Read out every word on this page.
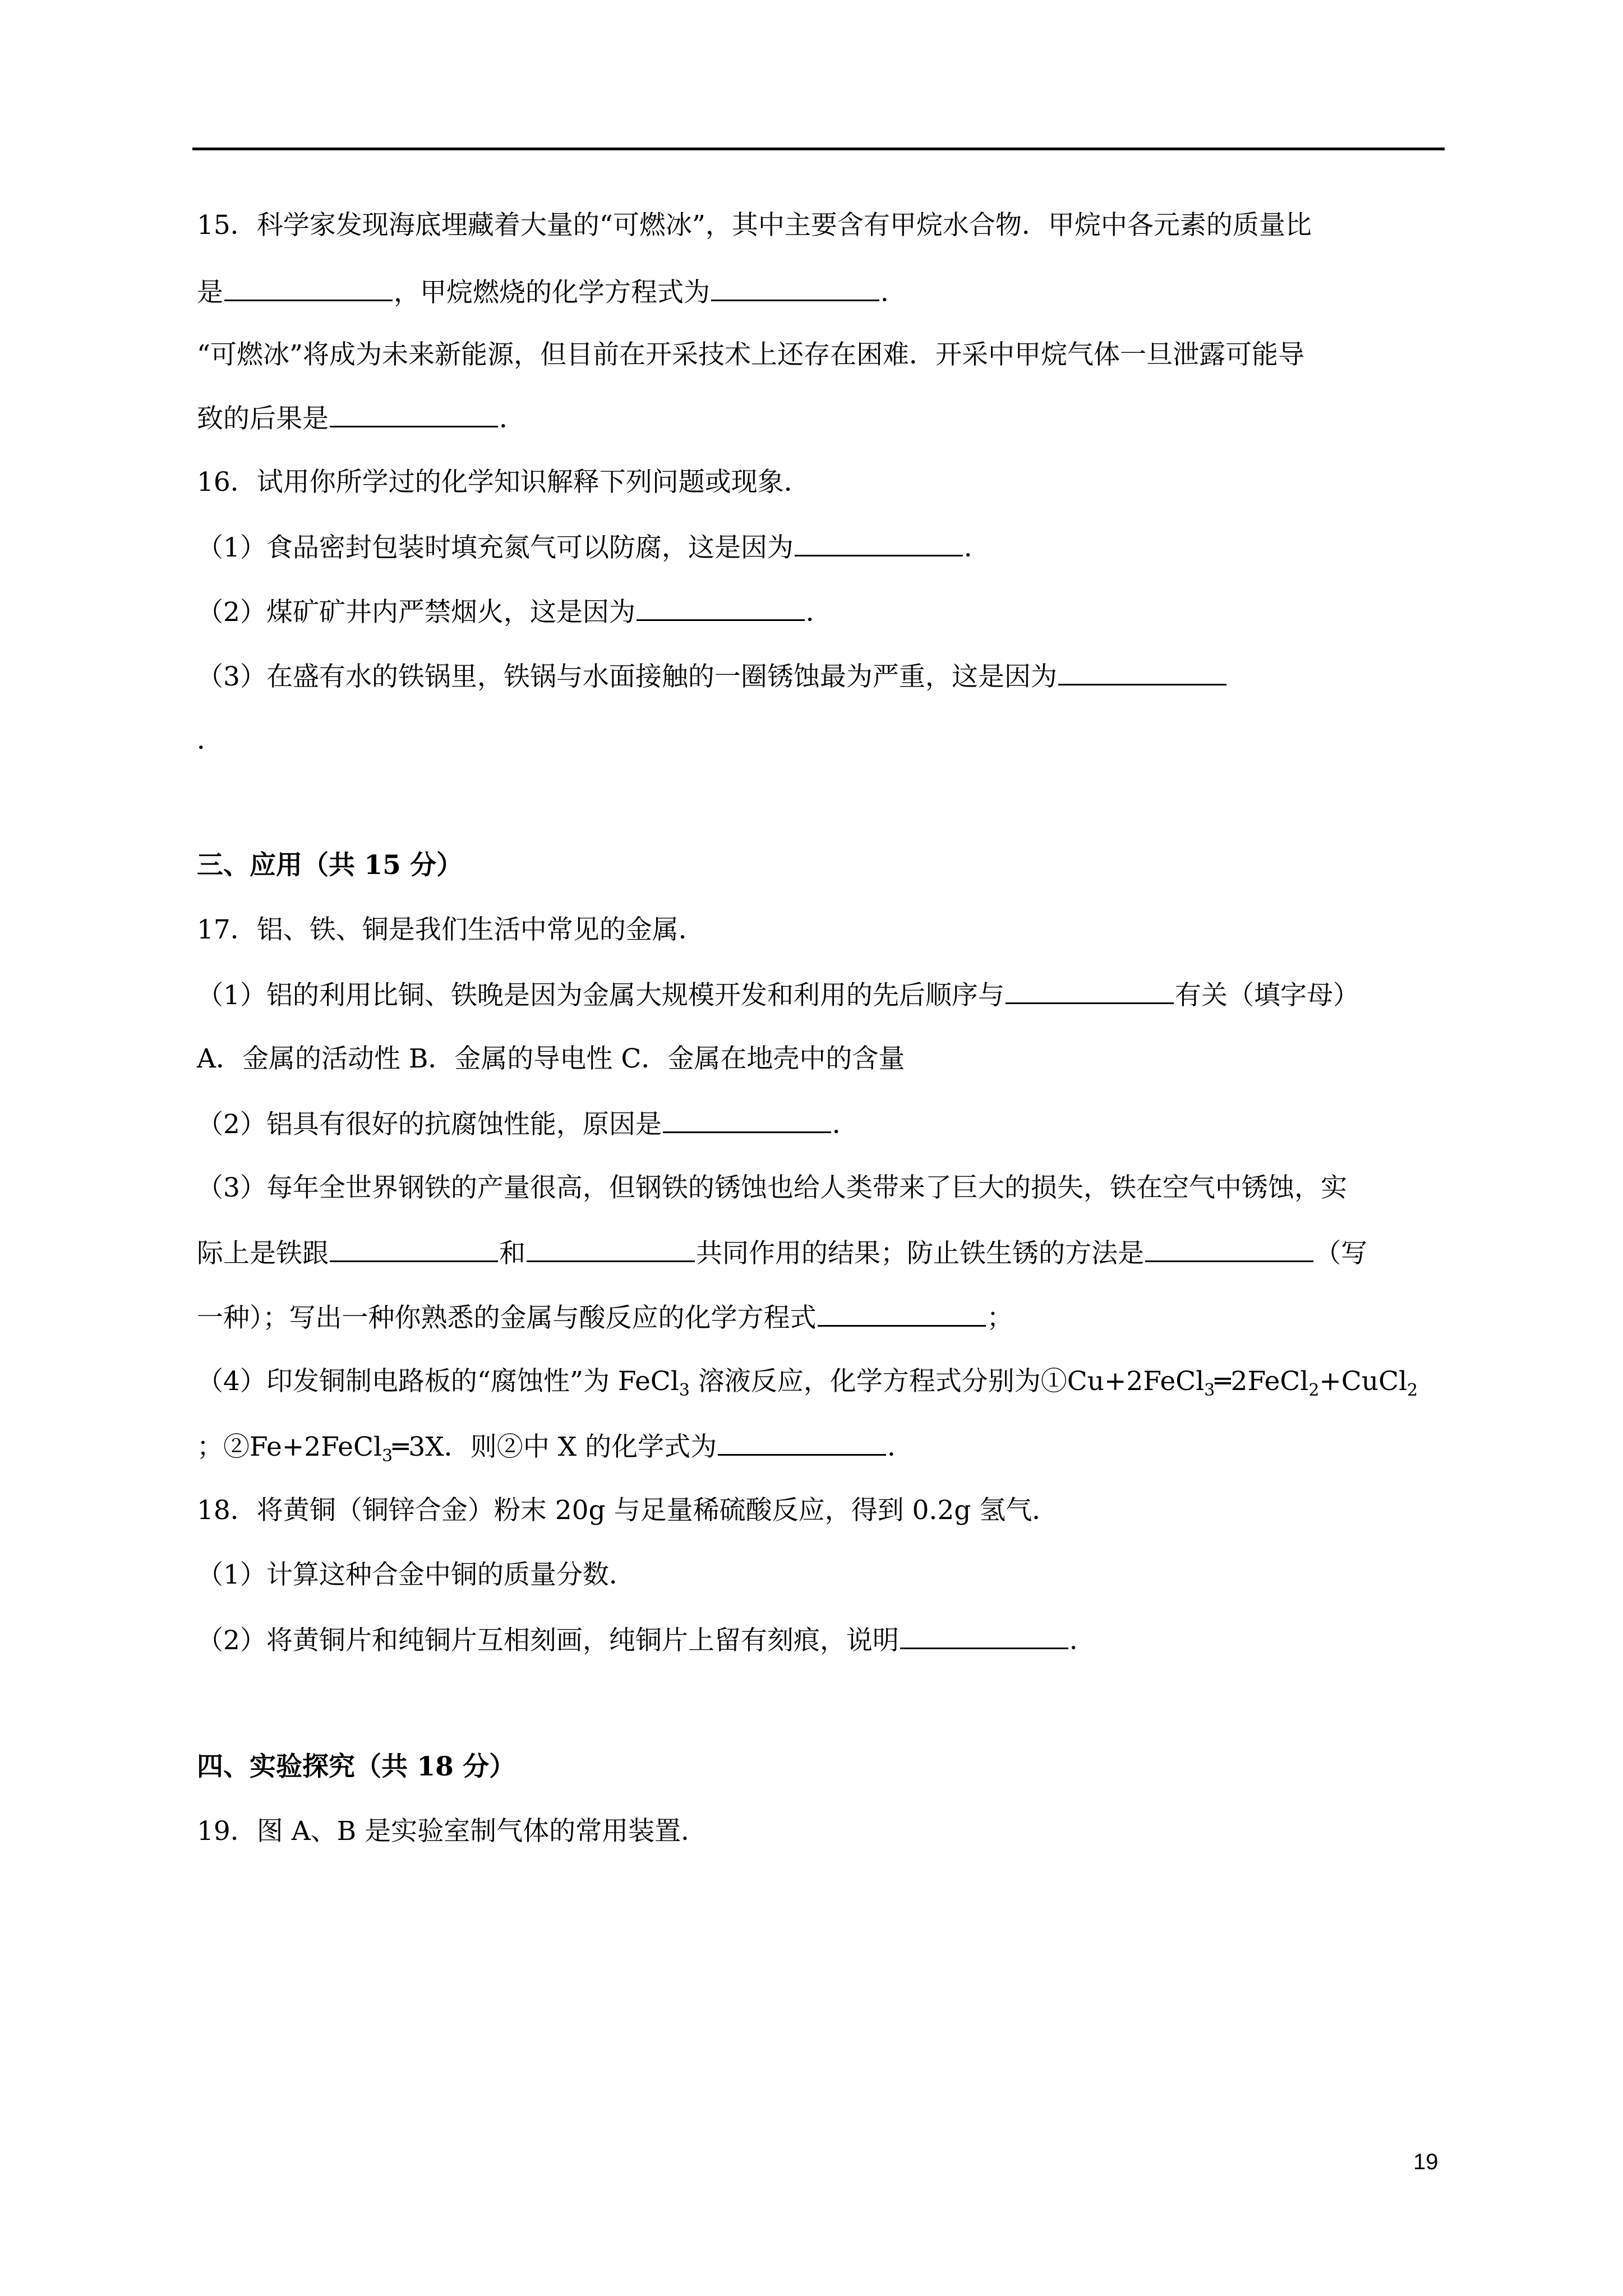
15．科学家发现海底埋藏着大量的“可燃冰”，其中主要含有甲烷水合物．甲烷中各元素的质量比
是	，甲烷燃烧的化学方程式为	．
“可燃冰”将成为未来新能源，但目前在开采技术上还存在困难．开采中甲烷气体一旦泄露可能导
致的后果是	．
16．试用你所学过的化学知识解释下列问题或现象．
（1）食品密封包装时填充氮气可以防腐，这是因为	．
（2）煤矿矿井内严禁烟火，这是因为	．
（3）在盛有水的铁锅里，铁锅与水面接触的一圈锈蚀最为严重，这是因为
．
三、应用（共 15 分）
17．铝、铁、铜是我们生活中常见的金属．
（1）铝的利用比铜、铁晚是因为金属大规模开发和利用的先后顺序与	有关（填字母）
A．金属的活动性 B．金属的导电性 C．金属在地壳中的含量
（2）铝具有很好的抗腐蚀性能，原因是	．
（3）每年全世界钢铁的产量很高，但钢铁的锈蚀也给人类带来了巨大的损失，铁在空气中锈蚀，实
际上是铁跟	和	共同作用的结果；防止铁生锈的方法是	（写
一种）；写出一种你熟悉的金属与酸反应的化学方程式	；
（4）印发铜制电路板的“腐蚀性”为 FeCl$_3$ 溶液反应，化学方程式分别为①Cu+2FeCl$_3$═2FeCl$_2$+CuCl$_2$
；②Fe+2FeCl$_3$═3X．则②中 X 的化学式为	．
18．将黄铜（铜锌合金）粉末 20g 与足量稀硫酸反应，得到 0.2g 氢气．
（1）计算这种合金中铜的质量分数．
（2）将黄铜片和纯铜片互相刻画，纯铜片上留有刻痕，说明	．
四、实验探究（共 18 分）
19．图 A、B 是实验室制气体的常用装置．
19
